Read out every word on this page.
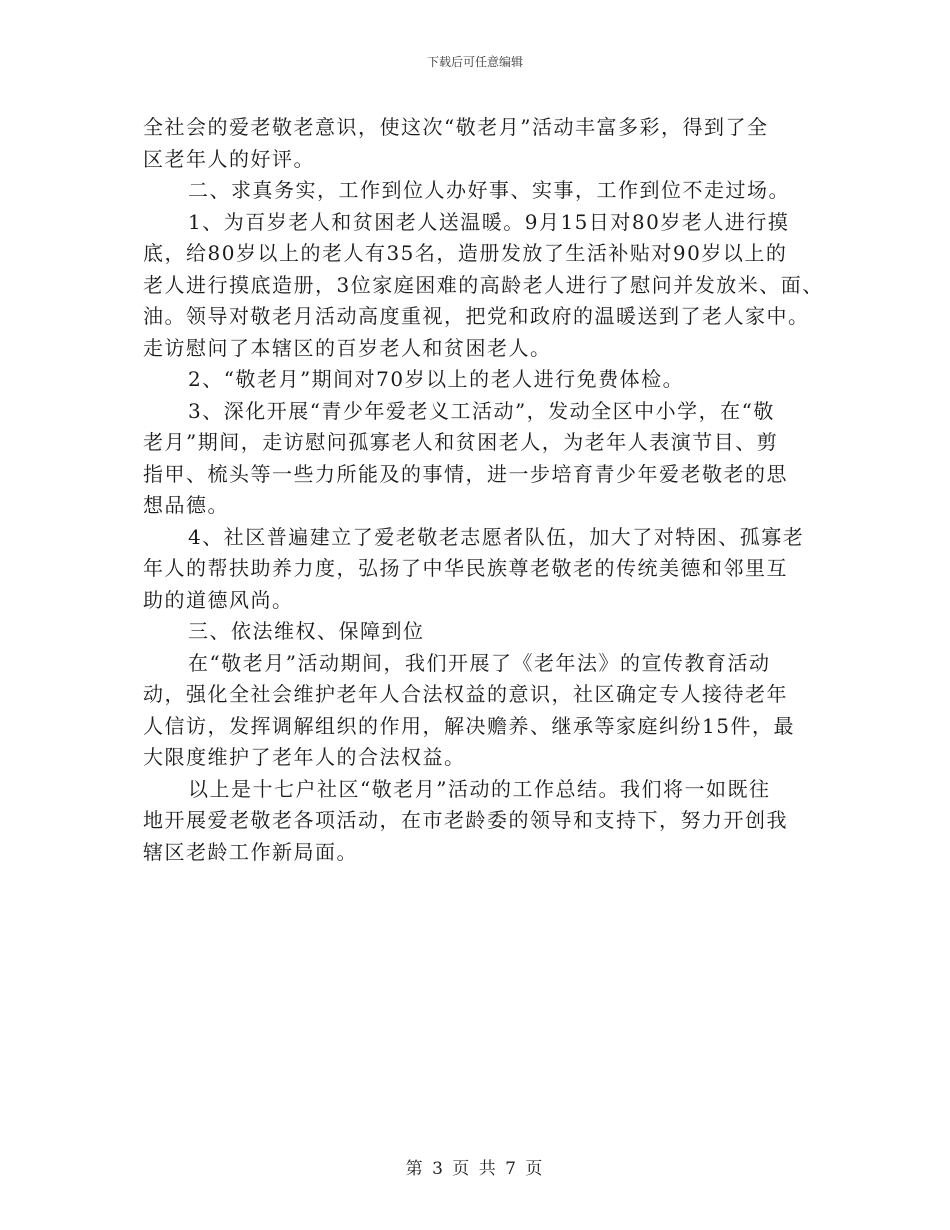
下载后可任意编辑
全社会的爱老敬老意识，使这次“敬老月”活动丰富多彩，得到了全
区老年人的好评。
二、求真务实，工作到位人办好事、实事，工作到位不走过场。
1、为百岁老人和贫困老人送温暖。9月15日对80岁老人进行摸
底，给80岁以上的老人有35名，造册发放了生活补贴对90岁以上的
老人进行摸底造册，3位家庭困难的高龄老人进行了慰问并发放米、面、
油。领导对敬老月活动高度重视，把党和政府的温暖送到了老人家中。
走访慰问了本辖区的百岁老人和贫困老人。
2、“敬老月”期间对70岁以上的老人进行免费体检。
3、深化开展“青少年爱老义工活动”，发动全区中小学，在“敬
老月”期间，走访慰问孤寡老人和贫困老人，为老年人表演节目、剪
指甲、梳头等一些力所能及的事情，进一步培育青少年爱老敬老的思
想品德。
4、社区普遍建立了爱老敬老志愿者队伍，加大了对特困、孤寡老
年人的帮扶助养力度，弘扬了中华民族尊老敬老的传统美德和邻里互
助的道德风尚。
三、依法维权、保障到位
在“敬老月”活动期间，我们开展了《老年法》的宣传教育活动
动，强化全社会维护老年人合法权益的意识，社区确定专人接待老年
人信访，发挥调解组织的作用，解决赡养、继承等家庭纠纷15件，最
大限度维护了老年人的合法权益。
以上是十七户社区“敬老月”活动的工作总结。我们将一如既往
地开展爱老敬老各项活动，在市老龄委的领导和支持下，努力开创我
辖区老龄工作新局面。
第 3 页 共 7 页
